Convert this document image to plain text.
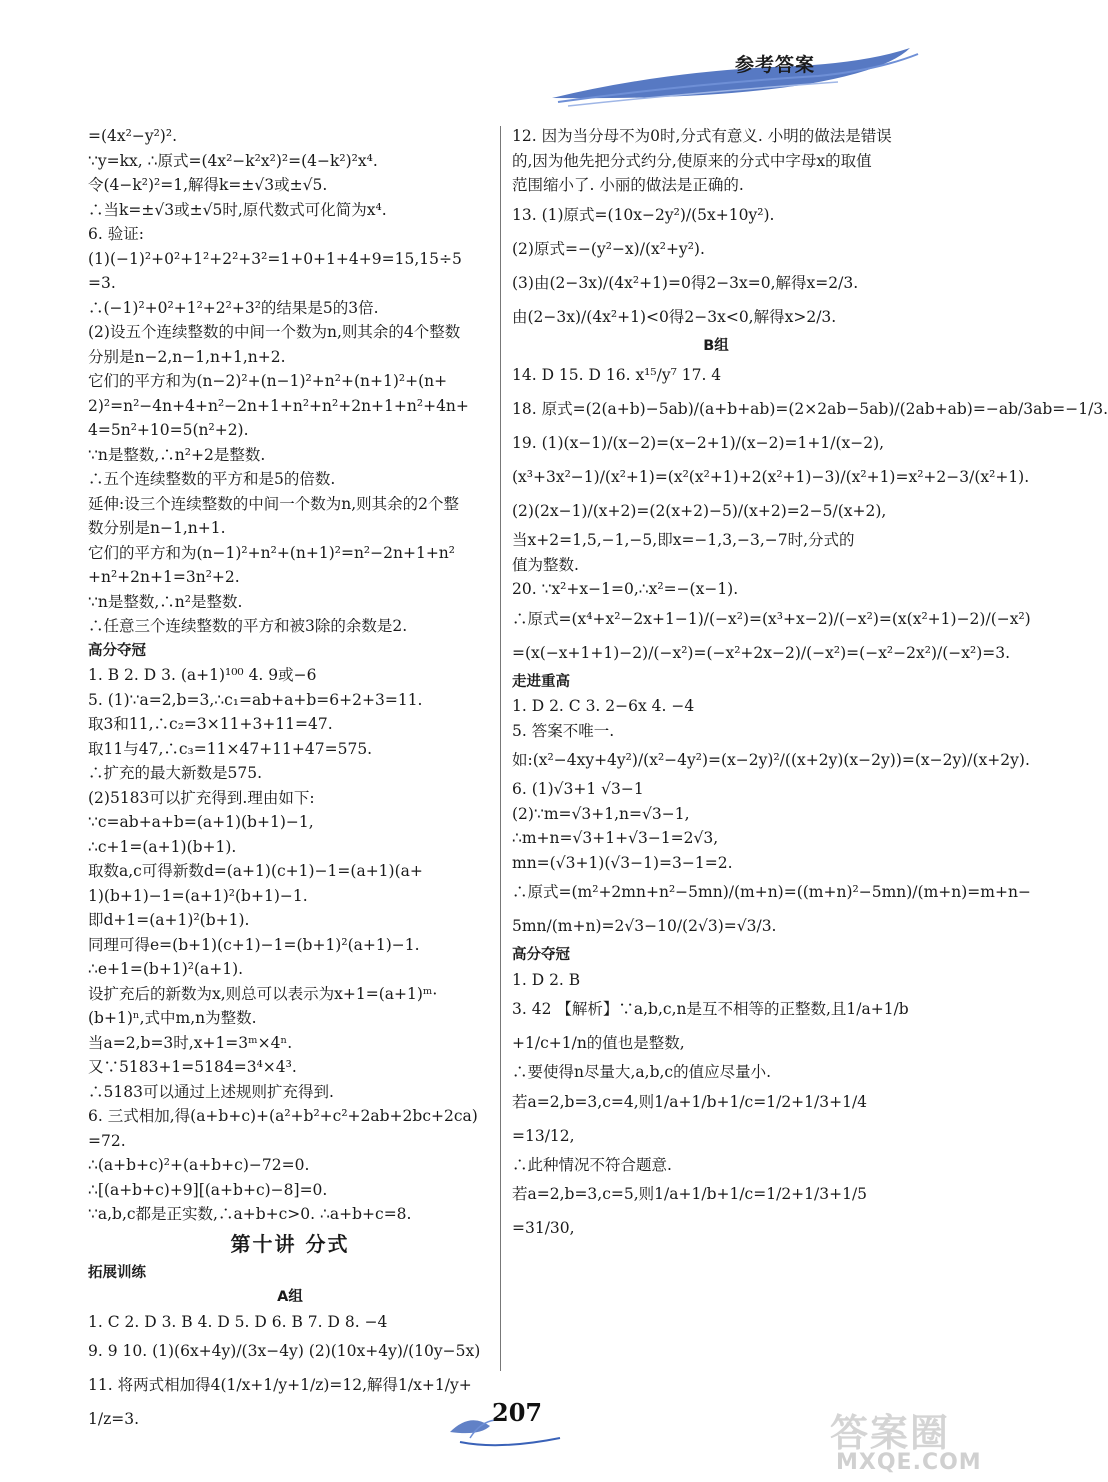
参考答案
=(4x²−y²)².
∵y=kx, ∴原式=(4x²−k²x²)²=(4−k²)²x⁴.
令(4−k²)²=1,解得k=±√3或±√5.
∴当k=±√3或±√5时,原代数式可化简为x⁴.
6. 验证:
(1)(−1)²+0²+1²+2²+3²=1+0+1+4+9=15,15÷5
=3.
∴(−1)²+0²+1²+2²+3²的结果是5的3倍.
(2)设五个连续整数的中间一个数为n,则其余的4个整数
分别是n−2,n−1,n+1,n+2.
它们的平方和为(n−2)²+(n−1)²+n²+(n+1)²+(n+
2)²=n²−4n+4+n²−2n+1+n²+n²+2n+1+n²+4n+
4=5n²+10=5(n²+2).
∵n是整数,∴n²+2是整数.
∴五个连续整数的平方和是5的倍数.
延伸:设三个连续整数的中间一个数为n,则其余的2个整
数分别是n−1,n+1.
它们的平方和为(n−1)²+n²+(n+1)²=n²−2n+1+n²
+n²+2n+1=3n²+2.
∵n是整数,∴n²是整数.
∴任意三个连续整数的平方和被3除的余数是2.
高分夺冠
1. B 2. D 3. (a+1)¹⁰⁰ 4. 9或−6
5. (1)∵a=2,b=3,∴c₁=ab+a+b=6+2+3=11.
取3和11,∴c₂=3×11+3+11=47.
取11与47,∴c₃=11×47+11+47=575.
∴扩充的最大新数是575.
(2)5183可以扩充得到.理由如下:
∵c=ab+a+b=(a+1)(b+1)−1,
∴c+1=(a+1)(b+1).
取数a,c可得新数d=(a+1)(c+1)−1=(a+1)(a+
1)(b+1)−1=(a+1)²(b+1)−1.
即d+1=(a+1)²(b+1).
同理可得e=(b+1)(c+1)−1=(b+1)²(a+1)−1.
∴e+1=(b+1)²(a+1).
设扩充后的新数为x,则总可以表示为x+1=(a+1)ᵐ·
(b+1)ⁿ,式中m,n为整数.
当a=2,b=3时,x+1=3ᵐ×4ⁿ.
又∵5183+1=5184=3⁴×4³.
∴5183可以通过上述规则扩充得到.
6. 三式相加,得(a+b+c)+(a²+b²+c²+2ab+2bc+2ca)
=72.
∴(a+b+c)²+(a+b+c)−72=0.
∴[(a+b+c)+9][(a+b+c)−8]=0.
∵a,b,c都是正实数,∴a+b+c>0. ∴a+b+c=8.
第十讲 分式
拓展训练
A组
1. C 2. D 3. B 4. D 5. D 6. B 7. D 8. −4
9. 9 10. (1)(6x+4y)/(3x−4y) (2)(10x+4y)/(10y−5x)
11. 将两式相加得4(1/x+1/y+1/z)=12,解得1/x+1/y+
1/z=3.
12. 因为当分母不为0时,分式有意义. 小明的做法是错误
的,因为他先把分式约分,使原来的分式中字母x的取值
范围缩小了. 小丽的做法是正确的.
13. (1)原式=(10x−2y²)/(5x+10y²).
(2)原式=−(y²−x)/(x²+y²).
(3)由(2−3x)/(4x²+1)=0得2−3x=0,解得x=2/3.
由(2−3x)/(4x²+1)<0得2−3x<0,解得x>2/3.
B组
14. D 15. D 16. x¹⁵/y⁷ 17. 4
18. 原式=(2(a+b)−5ab)/(a+b+ab)=(2×2ab−5ab)/(2ab+ab)=−ab/3ab=−1/3.
19. (1)(x−1)/(x−2)=(x−2+1)/(x−2)=1+1/(x−2),
(x³+3x²−1)/(x²+1)=(x²(x²+1)+2(x²+1)−3)/(x²+1)=x²+2−3/(x²+1).
(2)(2x−1)/(x+2)=(2(x+2)−5)/(x+2)=2−5/(x+2),
当x+2=1,5,−1,−5,即x=−1,3,−3,−7时,分式的
值为整数.
20. ∵x²+x−1=0,∴x²=−(x−1).
∴原式=(x⁴+x²−2x+1−1)/(−x²)=(x³+x−2)/(−x²)=(x(x²+1)−2)/(−x²)
=(x(−x+1+1)−2)/(−x²)=(−x²+2x−2)/(−x²)=(−x²−2x²)/(−x²)=3.
走进重高
1. D 2. C 3. 2−6x 4. −4
5. 答案不唯一.
如:(x²−4xy+4y²)/(x²−4y²)=(x−2y)²/((x+2y)(x−2y))=(x−2y)/(x+2y).
6. (1)√3+1 √3−1
(2)∵m=√3+1,n=√3−1,
∴m+n=√3+1+√3−1=2√3,
mn=(√3+1)(√3−1)=3−1=2.
∴原式=(m²+2mn+n²−5mn)/(m+n)=((m+n)²−5mn)/(m+n)=m+n−
5mn/(m+n)=2√3−10/(2√3)=√3/3.
高分夺冠
1. D 2. B
3. 42 【解析】∵a,b,c,n是互不相等的正整数,且1/a+1/b
+1/c+1/n的值也是整数,
∴要使得n尽量大,a,b,c的值应尽量小.
若a=2,b=3,c=4,则1/a+1/b+1/c=1/2+1/3+1/4
=13/12,
∴此种情况不符合题意.
若a=2,b=3,c=5,则1/a+1/b+1/c=1/2+1/3+1/5
=31/30,
207	答案圈
MXQE.COM
